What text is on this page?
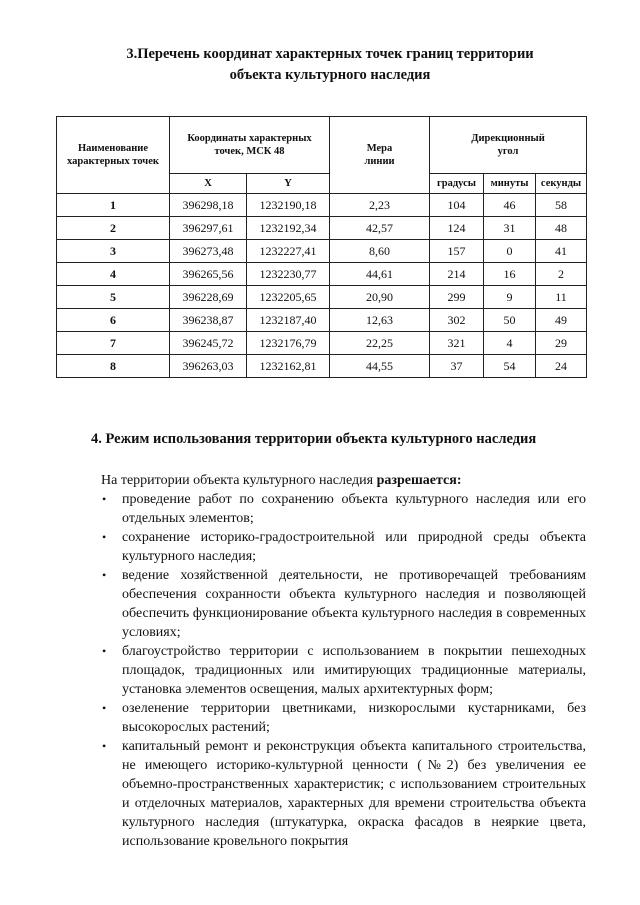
3.Перечень координат характерных точек границ территории
объекта культурного наследия
Наименование характерных точек	Координаты характерных точек, МСК 48		Мера линии	Дирекционный угол		
	X	Y		градусы	минуты	секунды
1	396298,18	1232190,18	2,23	104	46	58
2	396297,61	1232192,34	42,57	124	31	48
3	396273,48	1232227,41	8,60	157	0	41
4	396265,56	1232230,77	44,61	214	16	2
5	396228,69	1232205,65	20,90	299	9	11
6	396238,87	1232187,40	12,63	302	50	49
7	396245,72	1232176,79	22,25	321	4	29
8	396263,03	1232162,81	44,55	37	54	24
4. Режим использования территории объекта культурного наследия
На территории объекта культурного наследия разрешается:
• проведение работ по сохранению объекта культурного наследия или его отдельных элементов;
• сохранение историко-градостроительной или природной среды объекта культурного наследия;
• ведение хозяйственной деятельности, не противоречащей требованиям обеспечения сохранности объекта культурного наследия и позволяющей обеспечить функционирование объекта культурного наследия в современных условиях;
• благоустройство территории с использованием в покрытии пешеходных площадок, традиционных или имитирующих традиционные материалы, установка элементов освещения, малых архитектурных форм;
• озеленение территории цветниками, низкорослыми кустарниками, без высокорослых растений;
• капитальный ремонт и реконструкция объекта капитального строительства, не имеющего историко-культурной ценности (№2) без увеличения ее объемно-пространственных характеристик; с использованием строительных и отделочных материалов, характерных для времени строительства объекта культурного наследия (штукатурка, окраска фасадов в неяркие цвета, использование кровельного покрытия
